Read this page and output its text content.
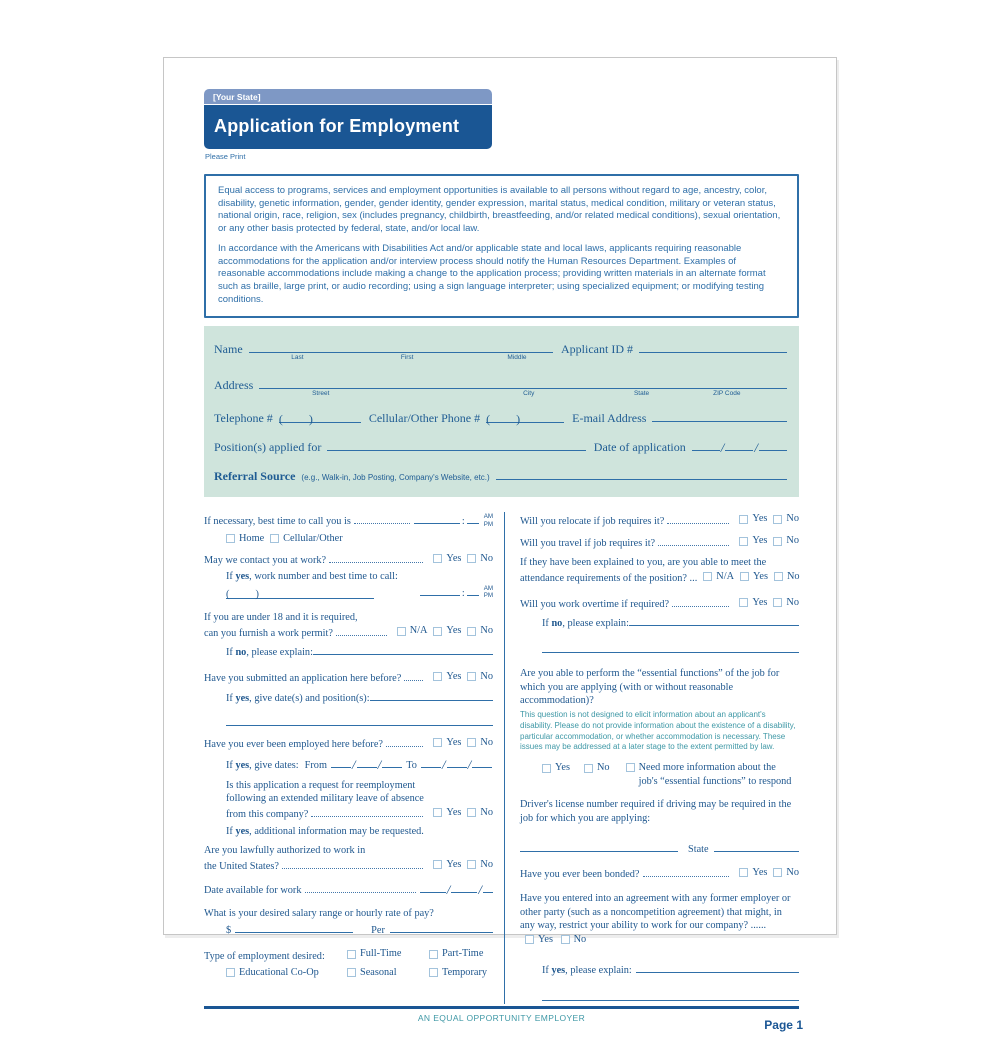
[Your State]
Application for Employment
Please Print

Equal access to programs, services and employment opportunities is available to all persons without regard to age, ancestry, color, disability, genetic information, gender, gender identity, gender expression, marital status, medical condition, military or veteran status, national origin, race, religion, sex (includes pregnancy, childbirth, breastfeeding, and/or related medical conditions), sexual orientation, or any other basis protected by federal, state, and/or local law.

In accordance with the Americans with Disabilities Act and/or applicable state and local laws, applicants requiring reasonable accommodations for the application and/or interview process should notify the Human Resources Department. Examples of reasonable accommodations include making a change to the application process; providing written materials in an alternate format such as braille, large print, or audio recording; using a sign language interpreter; using specialized equipment; or modifying testing conditions.

Name
Last	First	Middle
Applicant ID #
Address
Street	City	State	ZIP Code
Telephone # ( )	Cellular/Other Phone # ( )	E-mail Address
Position(s) applied for	Date of application	/ /
Referral Source (e.g., Walk-in, Job Posting, Company's Website, etc.)
If necessary, best time to call you is	:	AM
PM
Home Cellular/Other
May we contact you at work?	Yes No
If yes, work number and best time to call:
(	)	:	AM
PM
If you are under 18 and it is required,
can you furnish a work permit?	N/A Yes No
If no, please explain:
Have you submitted an application here before?	Yes No
If yes, give date(s) and position(s):
Have you ever been employed here before?	Yes No
If yes, give dates: From / / To / /
Is this application a request for reemployment
following an extended military leave of absence
from this company?	Yes No
If yes, additional information may be requested.
Are you lawfully authorized to work in
the United States?	Yes No
Date available for work	/ /
What is your desired salary range or hourly rate of pay?
$	Per
Type of employment desired:	Full-Time	Part-Time
Educational Co-Op	Seasonal	Temporary
Will you relocate if job requires it?	Yes No
Will you travel if job requires it?	Yes No
If they have been explained to you, are you able to meet the
attendance requirements of the position? ... N/A Yes No
Will you work overtime if required?	Yes No
If no, please explain:
Are you able to perform the “essential functions” of the job for which you are applying (with or without reasonable accommodation)?
This question is not designed to elicit information about an applicant's disability. Please do not provide information about the existence of a disability, particular accommodation, or whether accommodation is necessary. These issues may be addressed at a later stage to the extent permitted by law.
Yes	No	Need more information about the
job's “essential functions” to respond
Driver's license number required if driving may be required in the job for which you are applying:
State
Have you ever been bonded?	Yes No
Have you entered into an agreement with any former employer or other party (such as a noncompetition agreement) that might, in any way, restrict your ability to work for our company? ......
Yes
No
If yes, please explain:
AN EQUAL OPPORTUNITY EMPLOYER	Page 1
